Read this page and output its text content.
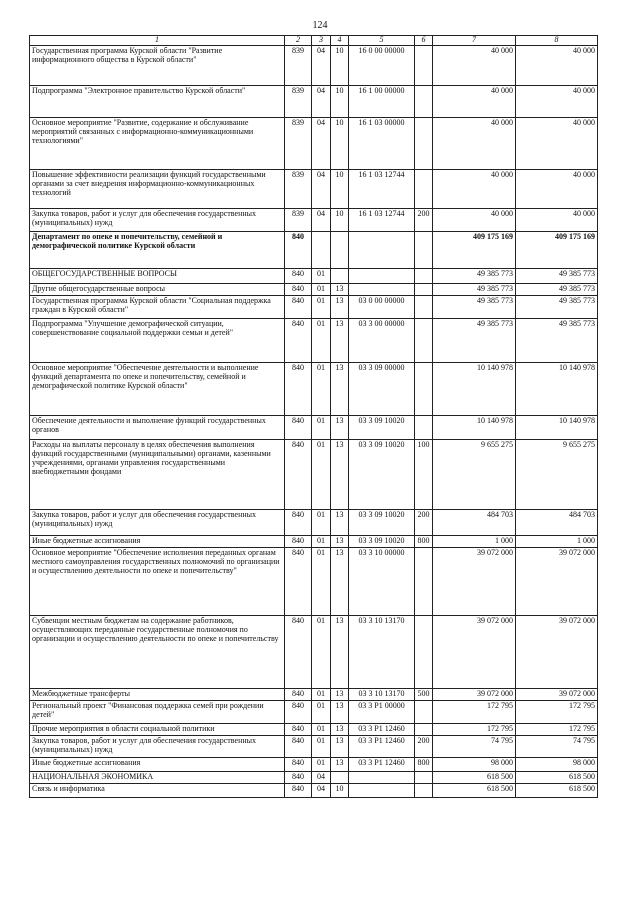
124
1	2	3	4	5	6	7	8
Государственная программа Курской области "Развитие информационного общества в Курской области"	839	04	10	16 0 00 00000		40 000	40 000
Подпрограмма "Электронное правительство Курской области"	839	04	10	16 1 00 00000		40 000	40 000
Основное мероприятие "Развитие, содержание и обслуживание мероприятий связанных с информационно-коммуникационными технологиями"	839	04	10	16 1 03 00000		40 000	40 000
Повышение эффективности реализации функций государственными органами за счет внедрения информационно-коммуникационных технологий	839	04	10	16 1 03 12744		40 000	40 000
Закупка товаров, работ и услуг для обеспечения государственных (муниципальных) нужд	839	04	10	16 1 03 12744	200	40 000	40 000
Департамент по опеке и попечительству, семейной и демографической политике Курской области	840					409 175 169	409 175 169
ОБЩЕГОСУДАРСТВЕННЫЕ ВОПРОСЫ	840	01				49 385 773	49 385 773
Другие общегосударственные вопросы	840	01	13			49 385 773	49 385 773
Государственная программа Курской области "Социальная поддержка граждан в Курской области"	840	01	13	03 0 00 00000		49 385 773	49 385 773
Подпрограмма "Улучшение демографической ситуации, совершенствование социальной поддержки семьи и детей"	840	01	13	03 3 00 00000		49 385 773	49 385 773
Основное мероприятие "Обеспечение деятельности и выполнение функций департамента по опеке и попечительству, семейной и демографической политике Курской области"	840	01	13	03 3 09 00000		10 140 978	10 140 978
Обеспечение деятельности и выполнение функций государственных органов	840	01	13	03 3 09 10020		10 140 978	10 140 978
Расходы на выплаты персоналу в целях обеспечения выполнения функций государственными (муниципальными) органами, казенными учреждениями, органами управления государственными внебюджетными фондами	840	01	13	03 3 09 10020	100	9 655 275	9 655 275
Закупка товаров, работ и услуг для обеспечения государственных (муниципальных) нужд	840	01	13	03 3 09 10020	200	484 703	484 703
Иные бюджетные ассигнования	840	01	13	03 3 09 10020	800	1 000	1 000
Основное мероприятие "Обеспечение исполнения переданных органам местного самоуправления государственных полномочий по организации и осуществлению деятельности по опеке и попечительству"	840	01	13	03 3 10 00000		39 072 000	39 072 000
Субвенции местным бюджетам на содержание работников, осуществляющих переданные государственные полномочия по организации и осуществлению деятельности по опеке и попечительству	840	01	13	03 3 10 13170		39 072 000	39 072 000
Межбюджетные трансферты	840	01	13	03 3 10 13170	500	39 072 000	39 072 000
Региональный проект "Финансовая поддержка семей при рождении детей"	840	01	13	03 3 P1 00000		172 795	172 795
Прочие мероприятия в области социальной политики	840	01	13	03 3 P1 12460		172 795	172 795
Закупка товаров, работ и услуг для обеспечения государственных (муниципальных) нужд	840	01	13	03 3 P1 12460	200	74 795	74 795
Иные бюджетные ассигнования	840	01	13	03 3 P1 12460	800	98 000	98 000
НАЦИОНАЛЬНАЯ ЭКОНОМИКА	840	04				618 500	618 500
Связь и информатика	840	04	10			618 500	618 500
